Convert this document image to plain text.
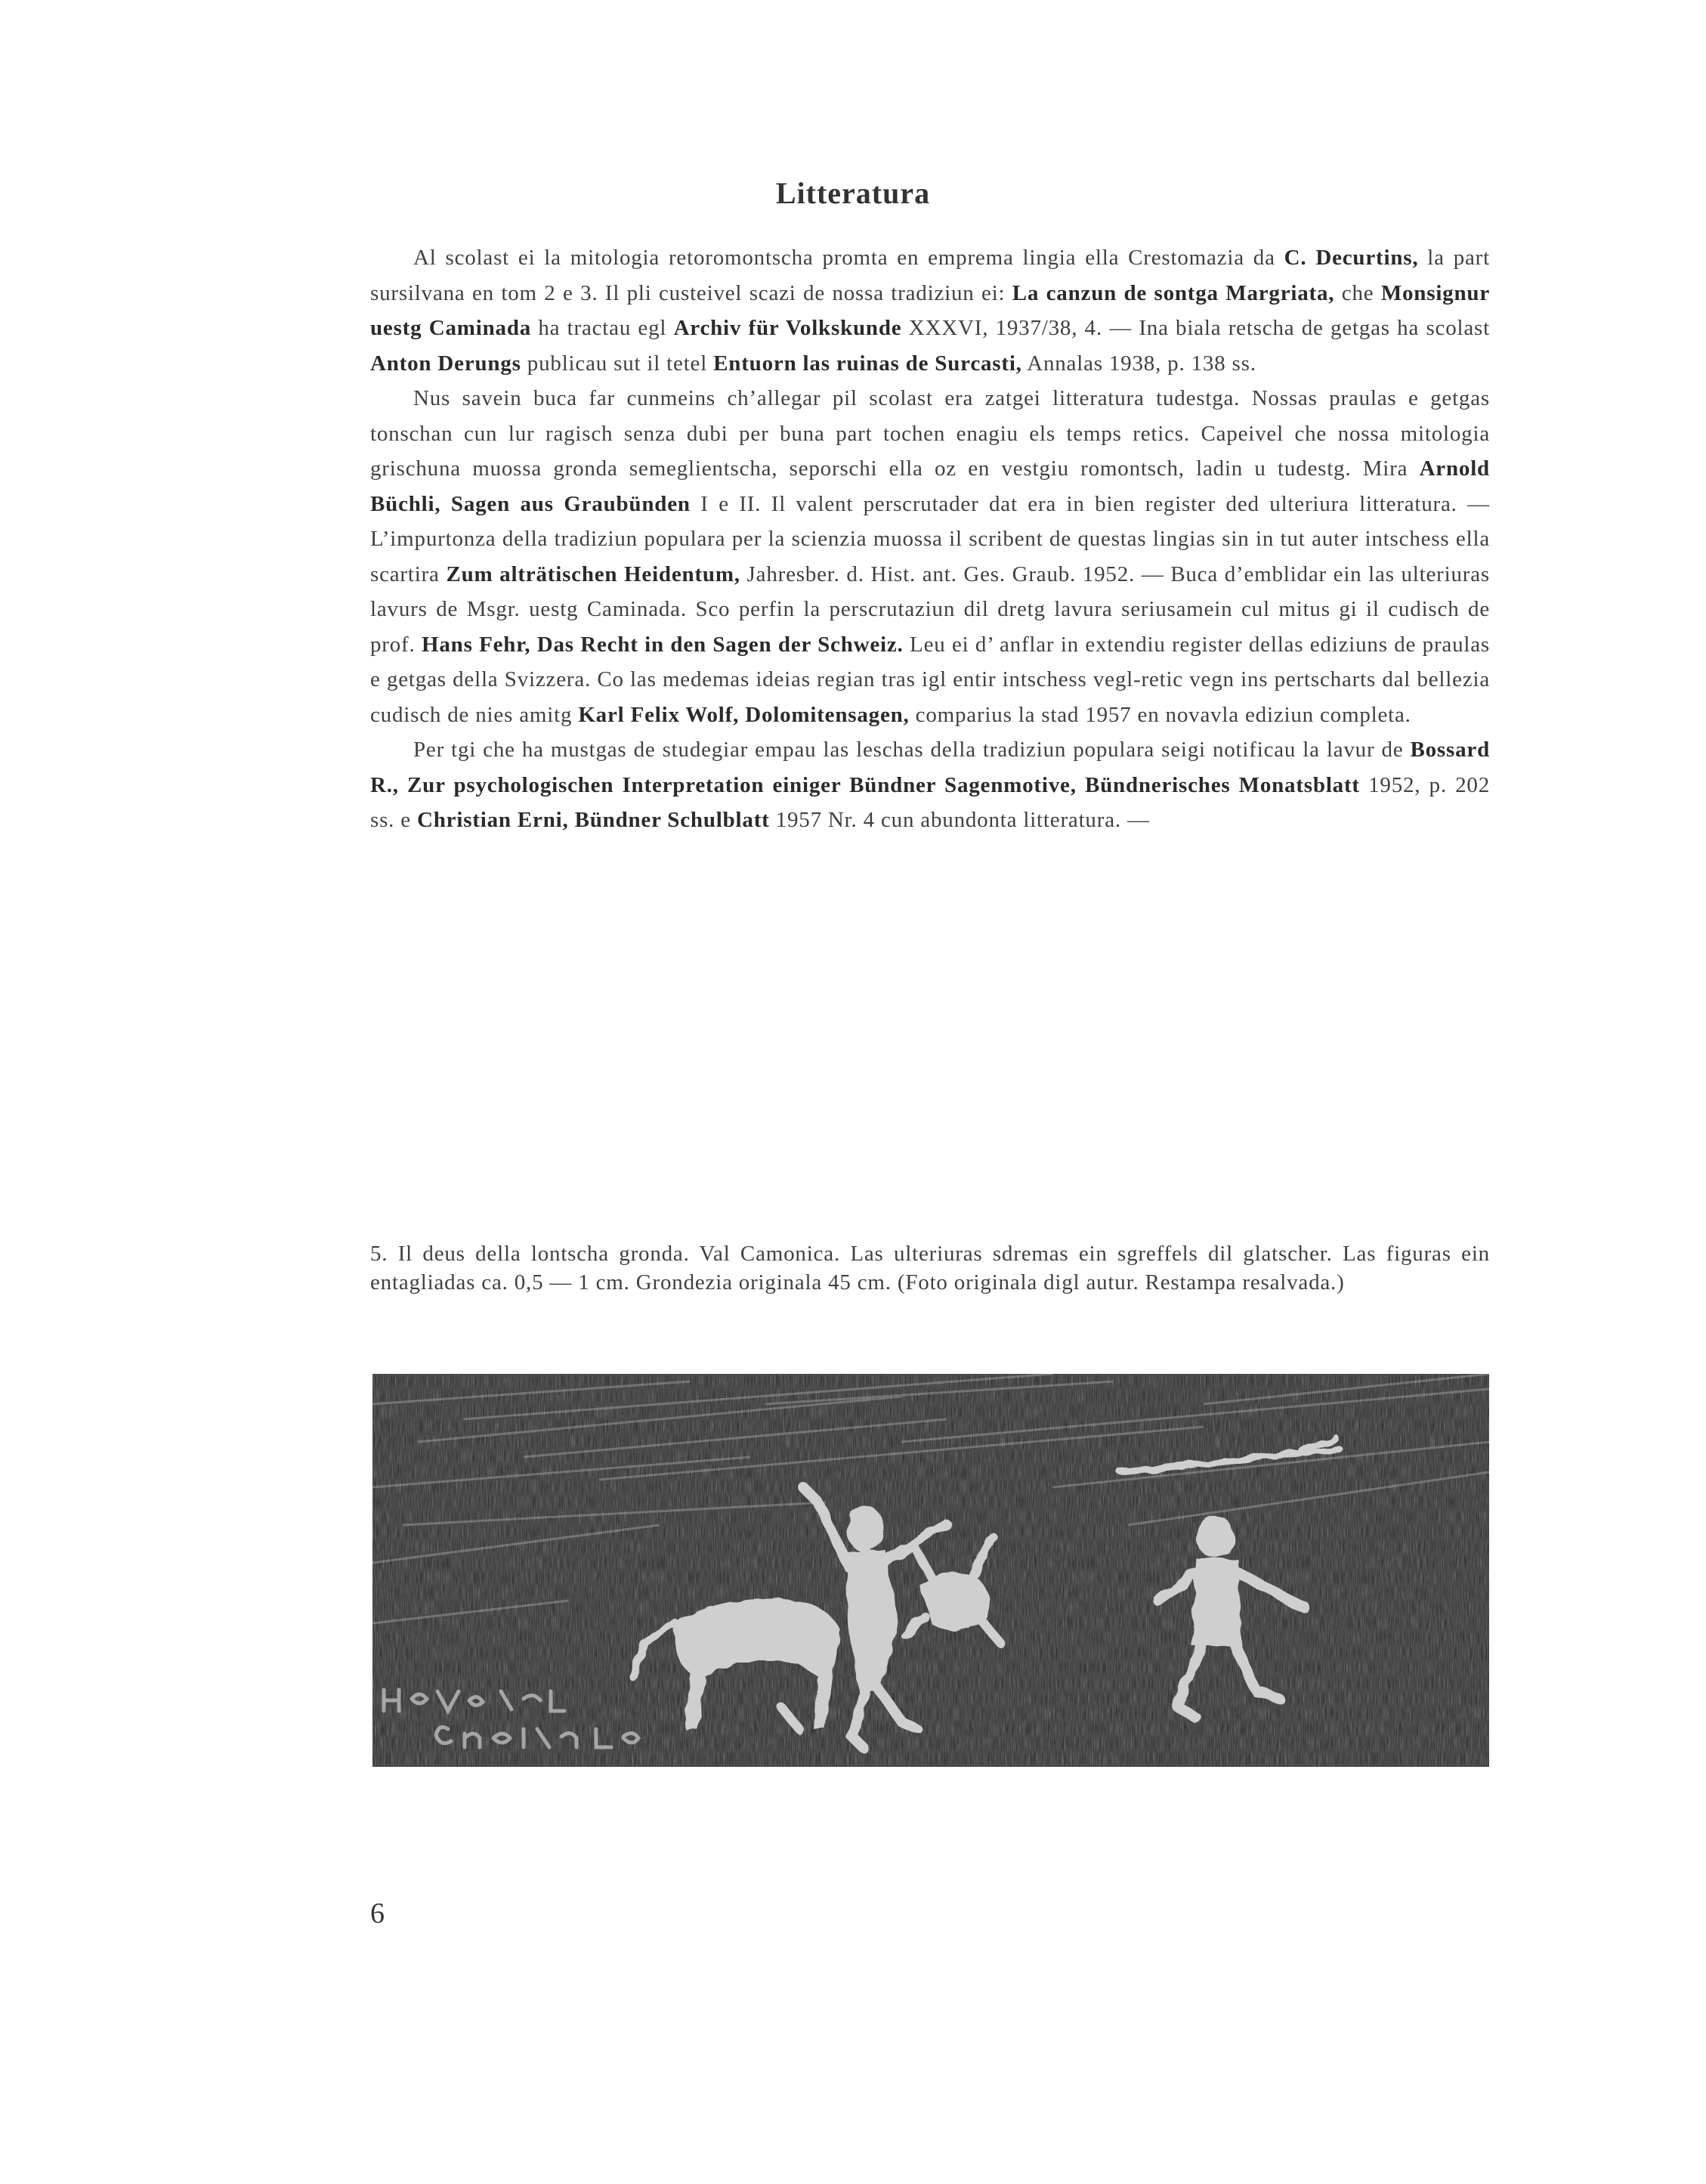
Litteratura

Al scolast ei la mitologia retoromontscha promta en emprema lingia ella Crestomazia da C. Decurtins, la part sursilvana en tom 2 e 3. Il pli custeivel scazi de nossa tradiziun ei: La canzun de sontga Margriata, che Monsignur uestg Caminada ha tractau egl Archiv für Volkskunde XXXVI, 1937/38, 4. — Ina biala retscha de getgas ha scolast Anton Derungs publicau sut il tetel Entuorn las ruinas de Surcasti, Annalas 1938, p. 138 ss.

Nus savein buca far cunmeins ch’allegar pil scolast era zatgei litteratura tudestga. Nossas praulas e getgas tonschan cun lur ragisch senza dubi per buna part tochen enagiu els temps retics. Capeivel che nossa mitologia grischuna muossa gronda semeglientscha, seporschi ella oz en vestgiu romontsch, ladin u tudestg. Mira Arnold Büchli, Sagen aus Graubünden I e II. Il valent perscrutader dat era in bien register ded ulteriura litteratura. — L’impurtonza della tradiziun populara per la scienzia muossa il scribent de questas lingias sin in tut auter intschess ella scartira Zum alträtischen Heidentum, Jahresber. d. Hist. ant. Ges. Graub. 1952. — Buca d’emblidar ein las ulteriuras lavurs de Msgr. uestg Caminada. Sco perfin la perscrutaziun dil dretg lavura seriusamein cul mitus gi il cudisch de prof. Hans Fehr, Das Recht in den Sagen der Schweiz. Leu ei d’ anflar in extendiu register dellas ediziuns de praulas e getgas della Svizzera. Co las medemas ideias regian tras igl entir intschess vegl-retic vegn ins pertscharts dal bellezia cudisch de nies amitg Karl Felix Wolf, Dolomitensagen, comparius la stad 1957 en novavla ediziun completa.

Per tgi che ha mustgas de studegiar empau las leschas della tradiziun populara seigi notificau la lavur de Bossard R., Zur psychologischen Interpretation einiger Bündner Sagenmotive, Bündnerisches Monatsblatt 1952, p. 202 ss. e Christian Erni, Bündner Schulblatt 1957 Nr. 4 cun abundonta litteratura. —

5. Il deus della lontscha gronda. Val Camonica. Las ulteriuras sdremas ein sgreffels dil glatscher. Las figuras ein entagliadas ca. 0,5 — 1 cm. Grondezia originala 45 cm. (Foto originala digl autur. Restampa resalvada.)

6
